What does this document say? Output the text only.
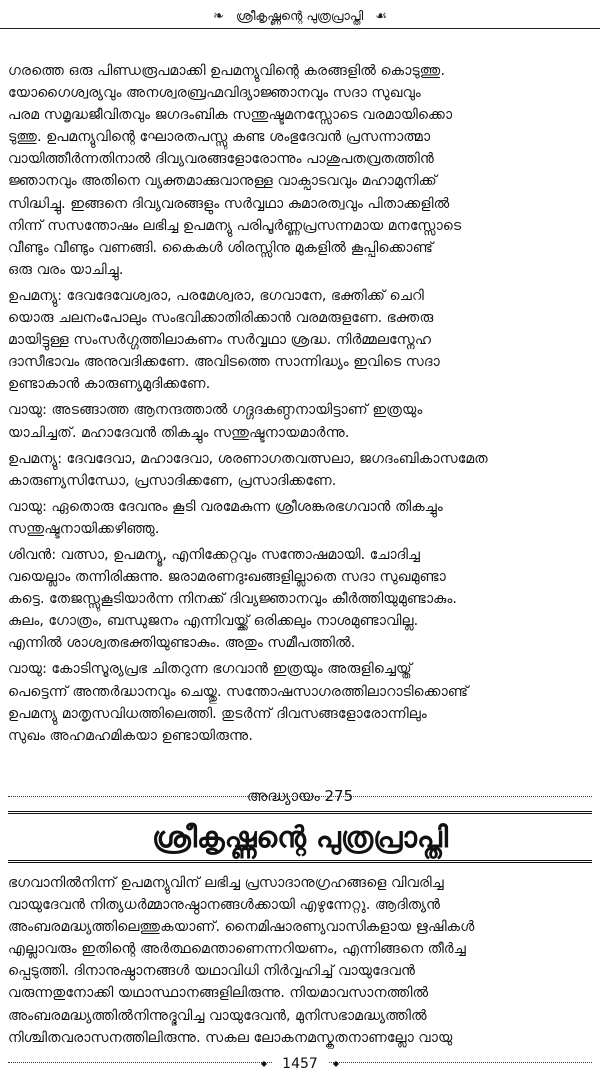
❧ ശ്രീകൃഷ്ണന്റെ പുത്രപ്രാപ്തി ☙

ഗരത്തെ ഒരു പിണ്ഡരൂപമാക്കി ഉപമന്യുവിന്റെ കരങ്ങളിൽ കൊടുത്തു.
യോഗൈശ്വര്യവും അനശ്വരബ്രഹ്മവിദ്യാജ്ഞാനവും സദാ സുഖവും
പരമ സമൃദ്ധജീവിതവും ജഗദംബിക സന്തുഷ്ടമനസ്സോടെ വരമായിക്കൊ
ടുത്തു. ഉപമന്യുവിന്റെ ഘോരതപസ്സു കണ്ട ശംഭുദേവൻ പ്രസന്നാത്മാ
വായിത്തീർന്നതിനാൽ ദിവ്യവരങ്ങളോരോന്നും പാശുപതവ്രതത്തിൻ
ജ്ഞാനവും അതിനെ വ്യക്തമാക്കുവാനുള്ള വാക്പാടവവും മഹാമുനിക്ക്
സിദ്ധിച്ചു. ഇങ്ങനെ ദിവ്യവരങ്ങളും സർവ്വഥാ കുമാരത്വവും പിതാക്കളിൽ
നിന്ന് സസന്തോഷം ലഭിച്ച ഉപമന്യു പരിപൂർണ്ണപ്രസന്നമായ മനസ്സോടെ
വീണ്ടും വീണ്ടും വണങ്ങി. കൈകൾ ശിരസ്സിനു മുകളിൽ കൂപ്പിക്കൊണ്ട്
ഒരു വരം യാചിച്ചു.

ഉപമന്യു: ദേവദേവേശ്വരാ, പരമേശ്വരാ, ഭഗവാനേ, ഭക്തിക്ക് ചെറി
യൊരു ചലനംപോലും സംഭവിക്കാതിരിക്കാൻ വരമരുളണേ. ഭക്തരു
മായിട്ടുള്ള സംസർഗ്ഗത്തിലാകണം സർവ്വഥാ ശ്രദ്ധ. നിർമ്മലസ്നേഹ
ദാസീഭാവം അനുവദിക്കണേ. അവിടത്തെ സാന്നിദ്ധ്യം ഇവിടെ സദാ
ഉണ്ടാകാൻ കാരുണ്യമുദിക്കണേ.

വായു: അടങ്ങാത്ത ആനന്ദത്താൽ ഗദ്ഗദകണ്ഠനായിട്ടാണ് ഇത്രയും
യാചിച്ചത്. മഹാദേവൻ തികച്ചും സന്തുഷ്ടനായമാർന്നു.

ഉപമന്യു: ദേവദേവാ, മഹാദേവാ, ശരണാഗതവത്സലാ, ജഗദംബികാസമേത
കാരുണ്യസിന്ധോ, പ്രസാദിക്കണേ, പ്രസാദിക്കണേ.

വായു: ഏതൊരു ദേവനും കൂടി വരമേകുന്ന ശ്രീശങ്കരഭഗവാൻ തികച്ചും
സന്തുഷ്ടനായിക്കഴിഞ്ഞു.

ശിവൻ: വത്സാ, ഉപമന്യൂ, എനിക്കേറ്റവും സന്തോഷമായി. ചോദിച്ച
വയെല്ലാം തന്നിരിക്കുന്നു. ജരാമരണദുഃഖങ്ങളില്ലാതെ സദാ സുഖമുണ്ടാ
കട്ടെ. തേജസ്സുകൂടിയാർന്ന നിനക്ക് ദിവ്യജ്ഞാനവും കീർത്തിയുമുണ്ടാകും.
കുലം, ഗോത്രം, ബന്ധുജനം എന്നിവയ്ക്ക് ഒരിക്കലും നാശമുണ്ടാവില്ല.
എന്നിൽ ശാശ്വതഭക്തിയുണ്ടാകും. അതും സമീപത്തിൽ.

വായു: കോടിസൂര്യപ്രഭ ചിതറുന്ന ഭഗവാൻ ഇത്രയും അരുളിച്ചെയ്ത്
പെട്ടെന്ന് അന്തർദ്ധാനവും ചെയ്തു. സന്തോഷസാഗരത്തിലാറാടിക്കൊണ്ട്
ഉപമന്യു മാതൃസവിധത്തിലെത്തി. തുടർന്ന് ദിവസങ്ങളോരോന്നിലും
സുഖം അഹമഹമികയാ ഉണ്ടായിരുന്നു.

അദ്ധ്യായം 275
ശ്രീകൃഷ്ണന്റെ പുത്രപ്രാപ്തി

ഭഗവാനിൽനിന്ന് ഉപമന്യുവിന് ലഭിച്ച പ്രസാദാനുഗ്രഹങ്ങളെ വിവരിച്ച
വായുദേവൻ നിത്യധർമ്മാനുഷ്ഠാനങ്ങൾക്കായി എഴുന്നേറ്റു. ആദിത്യൻ
അംബരമദ്ധ്യത്തിലെത്തുകയാണ്. നൈമിഷാരണ്യവാസികളായ ഋഷികൾ
എല്ലാവരും ഇതിന്റെ അർത്ഥമെന്താണെന്നറിയണം, എന്നിങ്ങനെ തീർച്ച
പ്പെടുത്തി. ദിനാനുഷ്ഠാനങ്ങൾ യഥാവിധി നിർവ്വഹിച്ച് വായുദേവൻ
വരുന്നതുനോക്കി യഥാസ്ഥാനങ്ങളിലിരുന്നു. നിയമാവസാനത്തിൽ
അംബരമദ്ധ്യത്തിൽനിന്നുദ്ഭവിച്ച വായുദേവൻ, മുനിസഭാമദ്ധ്യത്തിൽ
നിശ്ചിതവരാസനത്തിലിരുന്നു. സകല ലോകനമസ്കൃതനാണല്ലോ വായു

◆ 1457 ◆
